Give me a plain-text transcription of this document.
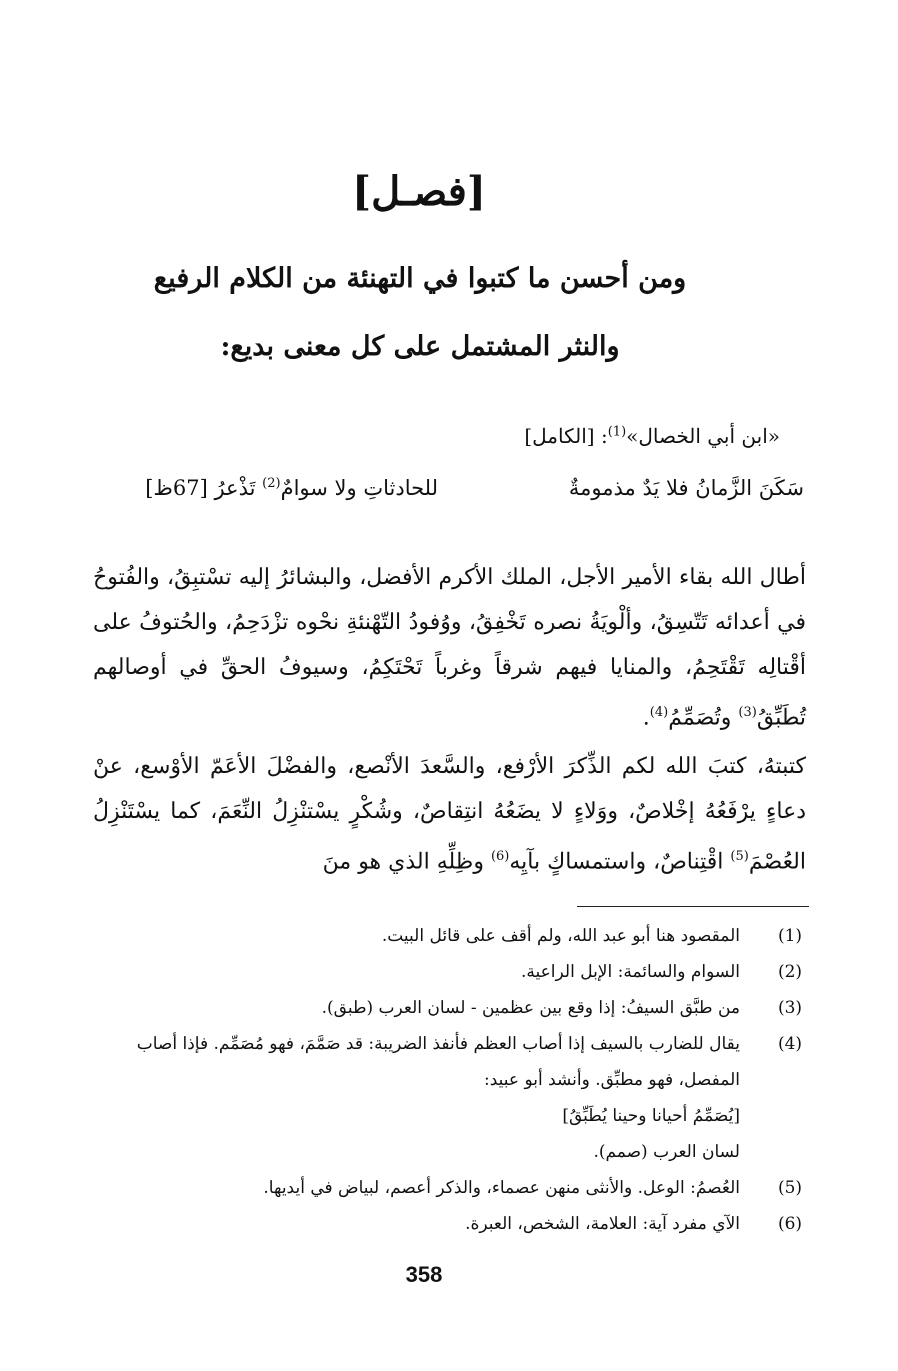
[فصـل]
ومن أحسن ما كتبوا في التهنئة من الكلام الرفيع
والنثر المشتمل على كل معنى بديع:
«ابن أبي الخصال»$^{(1)}$: [الكامل]
سَكَنَ الزَّمانُ فلا يَدٌ مذمومةٌ
للحادثاتِ ولا سوامٌ$^{(2)}$ تَذْعرُ [67ظ]

أطال الله بقاء الأمير الأجل، الملك الأكرم الأفضل، والبشائرُ إليه تسْتبِقُ، والفُتوحُ في أعدائه تَتّسِقُ، وألْويَةُ نصره تَخْفِقُ، ووُفودُ التّهْنئةِ نحْوه تزْدَحِمُ، والحُتوفُ على أقْتالِه تَقْتَحِمُ، والمنايا فيهم شرقاً وغرباً تَحْتَكِمُ، وسيوفُ الحقِّ في أوصالهم تُطَبِّقُ$^{(3)}$ وتُصَمِّمُ$^{(4)}$.

كتبتهُ، كتبَ الله لكم الذِّكرَ الأرْفع، والسَّعدَ الأنْصع، والفضْلَ الأعَمّ الأوْسع، عنْ دعاءٍ يرْفَعُهُ إخْلاصٌ، ووَلاءٍ لا يضَعُهُ انتِقاصٌ، وشُكْرٍ يسْتنْزِلُ النِّعَمَ، كما يسْتَنْزِلُ العُصْمَ$^{(5)}$ اقْتِناصٌ، واستمساكٍ بآيِه$^{(6)}$ وظِلِّهِ الذي هو منَ

(1)
المقصود هنا أبو عبد الله، ولم أقف على قائل البيت.
(2)
السوام والسائمة: الإبل الراعية.
(3)
من طبَّق السيفُ: إذا وقع بين عظمين - لسان العرب (طبق).
(4)
يقال للضارب بالسيف إذا أصاب العظم فأنفذ الضريبة: قد صَمَّمَ، فهو مُصَمِّم. فإذا أصاب
المفصل، فهو مطبِّق. وأنشد أبو عبيد:
[يُصَمِّمُ أحيانا وحينا يُطَبِّقُ]
لسان العرب (صمم).
(5)
العُصمُ: الوعل. والأنثى منهن عصماء، والذكر أعصم، لبياض في أيديها.
(6)
الآي مفرد آية: العلامة، الشخص، العبرة.
358
